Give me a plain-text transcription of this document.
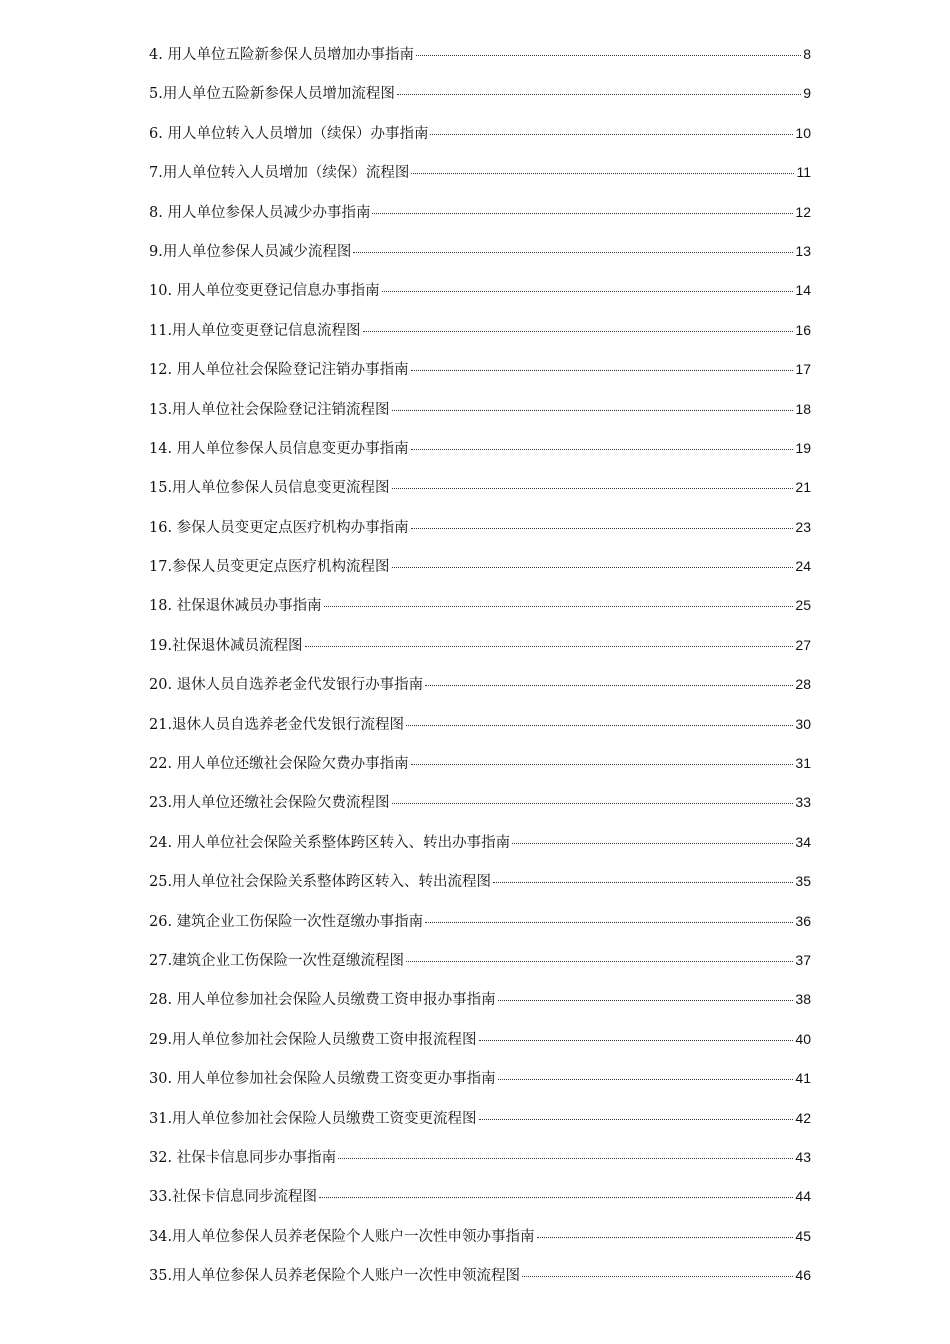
4. 用人单位五险新参保人员增加办事指南	8
5.用人单位五险新参保人员增加流程图	9
6. 用人单位转入人员增加（续保）办事指南	10
7.用人单位转入人员增加（续保）流程图	11
8. 用人单位参保人员减少办事指南	12
9.用人单位参保人员减少流程图	13
10. 用人单位变更登记信息办事指南	14
11.用人单位变更登记信息流程图	16
12. 用人单位社会保险登记注销办事指南	17
13.用人单位社会保险登记注销流程图	18
14. 用人单位参保人员信息变更办事指南	19
15.用人单位参保人员信息变更流程图	21
16. 参保人员变更定点医疗机构办事指南	23
17.参保人员变更定点医疗机构流程图	24
18. 社保退休减员办事指南	25
19.社保退休减员流程图	27
20. 退休人员自选养老金代发银行办事指南	28
21.退休人员自选养老金代发银行流程图	30
22. 用人单位还缴社会保险欠费办事指南	31
23.用人单位还缴社会保险欠费流程图	33
24. 用人单位社会保险关系整体跨区转入、转出办事指南	34
25.用人单位社会保险关系整体跨区转入、转出流程图	35
26. 建筑企业工伤保险一次性趸缴办事指南	36
27.建筑企业工伤保险一次性趸缴流程图	37
28. 用人单位参加社会保险人员缴费工资申报办事指南	38
29.用人单位参加社会保险人员缴费工资申报流程图	40
30. 用人单位参加社会保险人员缴费工资变更办事指南	41
31.用人单位参加社会保险人员缴费工资变更流程图	42
32. 社保卡信息同步办事指南	43
33.社保卡信息同步流程图	44
34.用人单位参保人员养老保险个人账户一次性申领办事指南	45
35.用人单位参保人员养老保险个人账户一次性申领流程图	46
